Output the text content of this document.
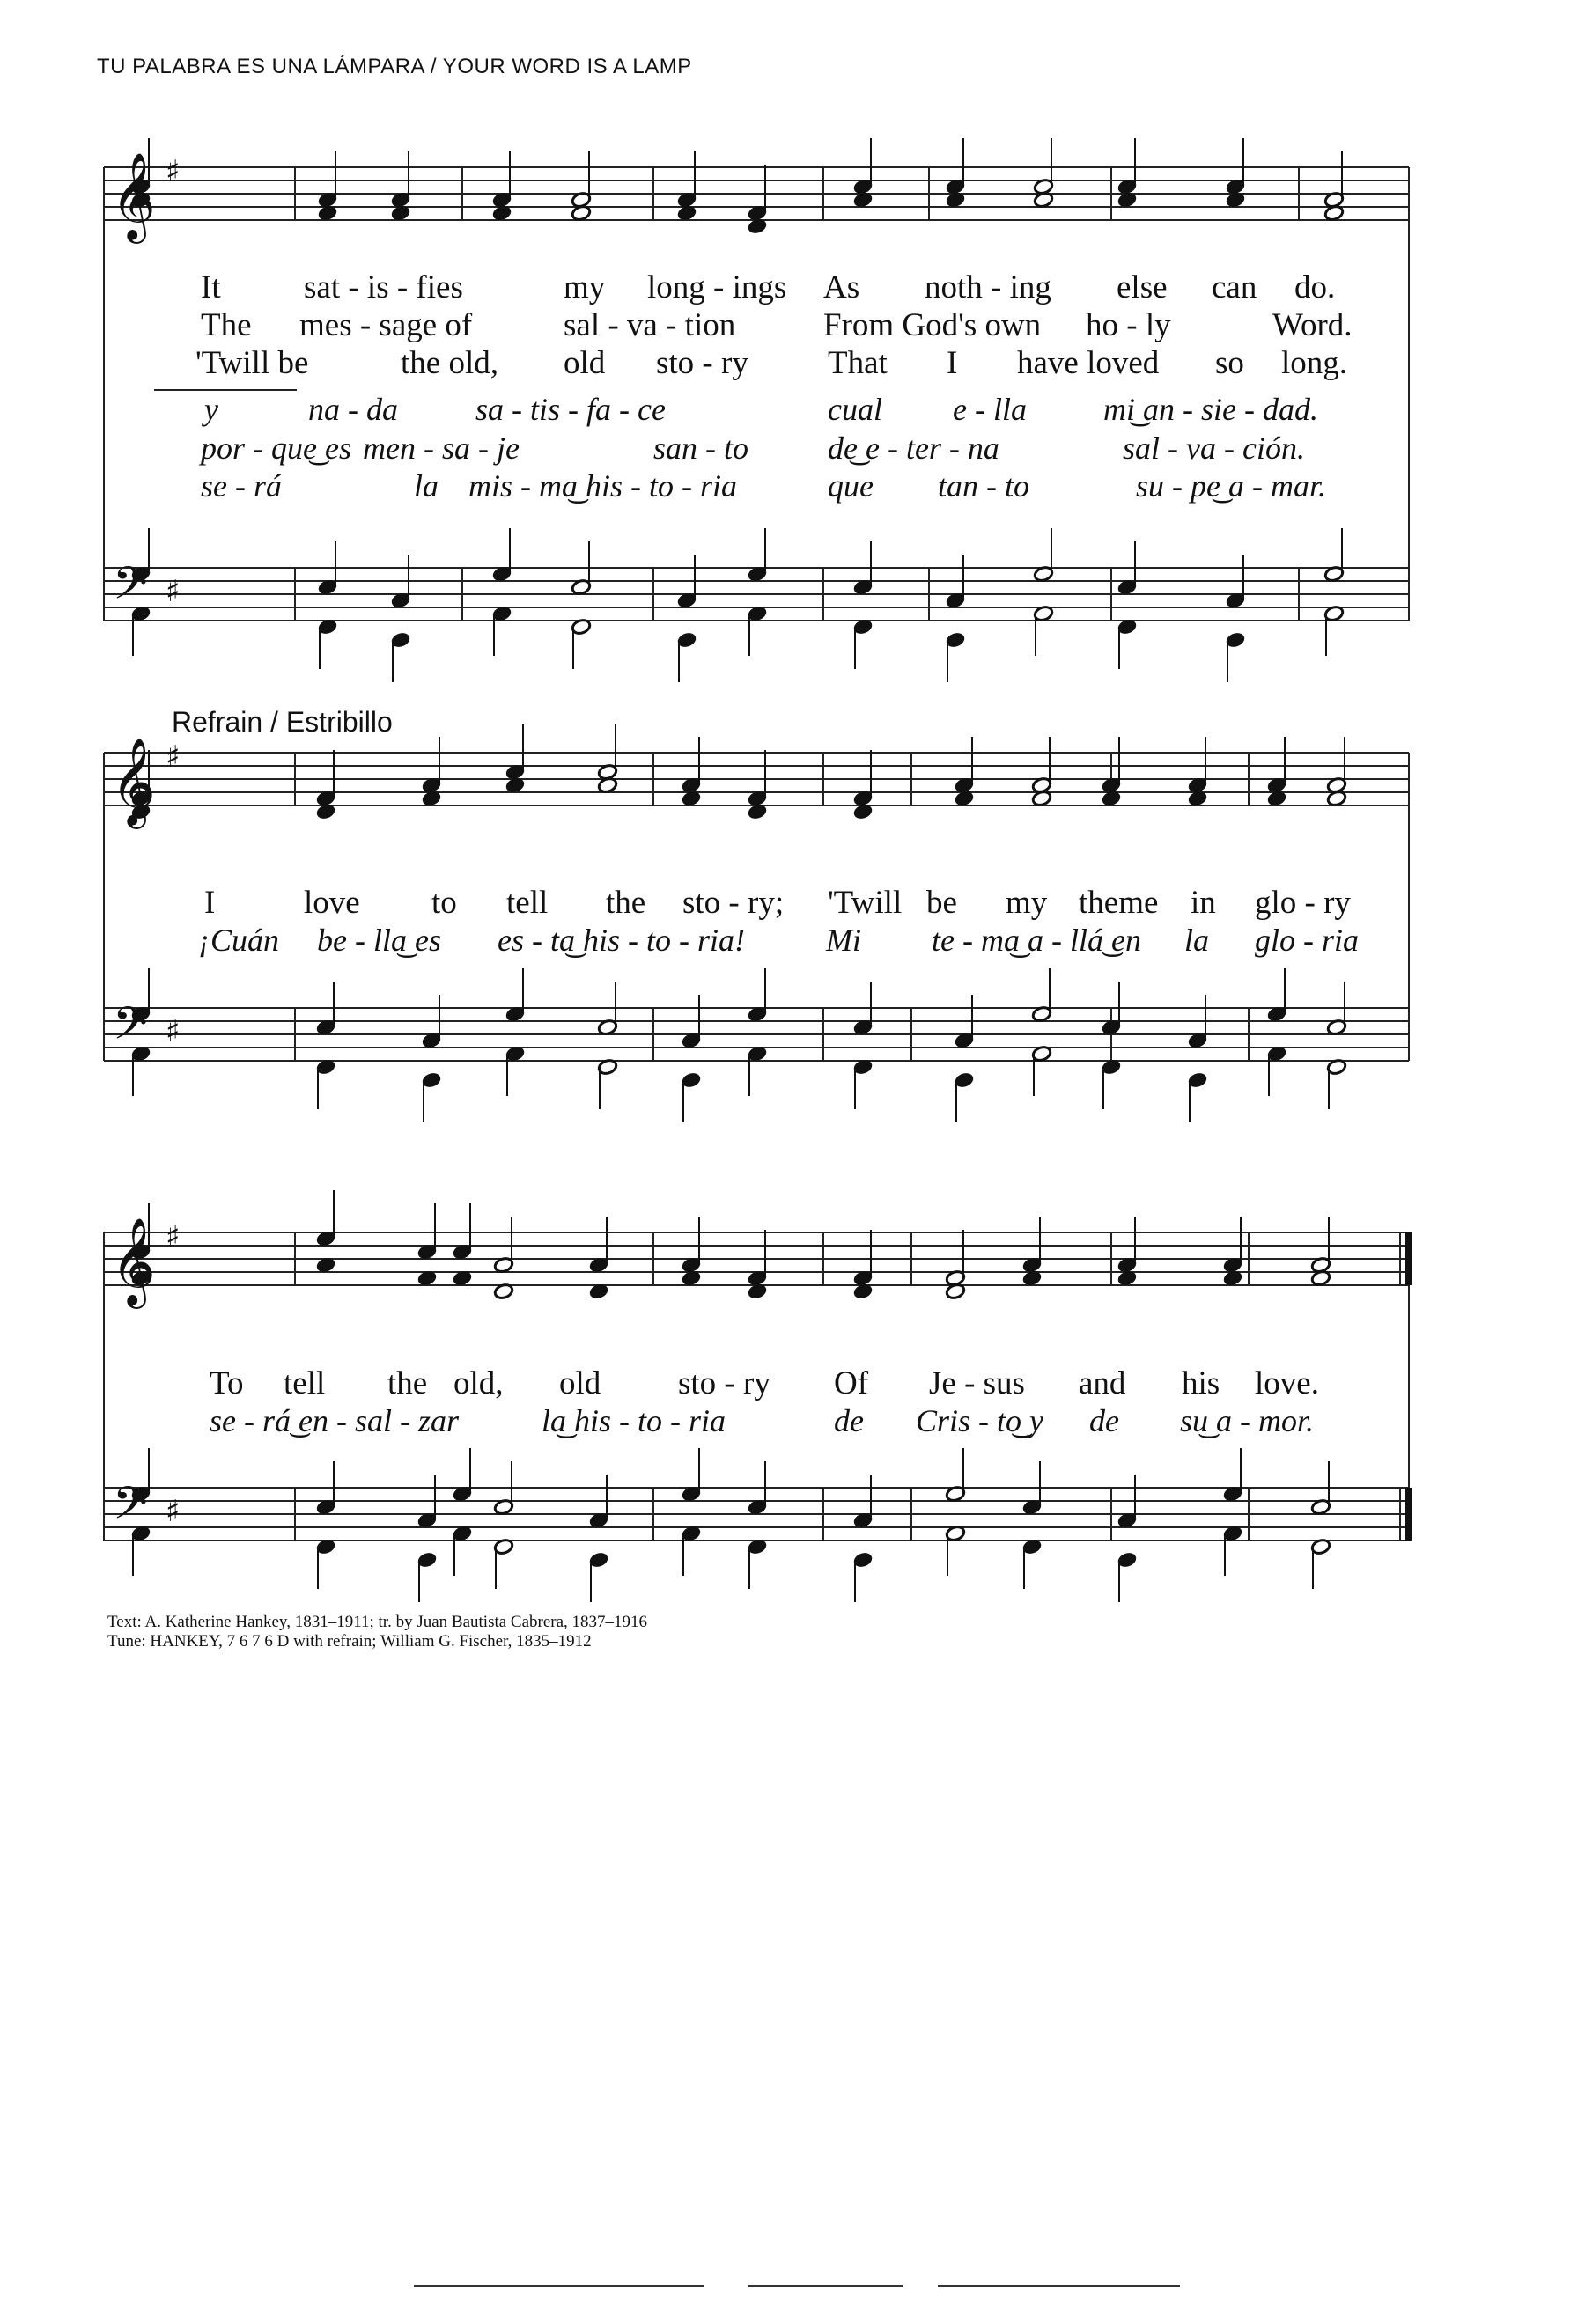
TU PALABRA ES UNA LÁMPARA / YOUR WORD IS A LAMP
𝄞
𝄢
♯
♯
𝄞
𝄢
♯
♯
𝄞
𝄢
♯
♯
Refrain / Estribillo
It	sat - is - fies	my long - ings As noth - ing else can do.
The mes - sage of	sal - va - tion	From God's own ho - ly	Word.
'Twill be	the old, old sto - ry That I have loved so long.
y	na - da sa - tis - fa - ce	cual e - lla mi͜ an - sie - dad.
por - que͜ es men - sa - je	san - to	de͜ e - ter - na	sal - va - ción.
se - rá	la mis - ma͜ his - to - ria	que tan - to	su - pe͜ a - mar.
I	love to tell the sto - ry; 'Twill be my theme in glo - ry
¡Cuán be - lla͜ es es - ta͜ his - to - ria!	Mi te - ma͜ a - llá͜ en la glo - ria
To tell the old, old sto - ry Of Je - sus and his love.
se - rá͜ en - sal - zar	la͜ his - to - ria	de Cris - to͜ y de su͜ a - mor.
Text: A. Katherine Hankey, 1831–1911; tr. by Juan Bautista Cabrera, 1837–1916
Tune: HANKEY, 7 6 7 6 D with refrain; William G. Fischer, 1835–1912
